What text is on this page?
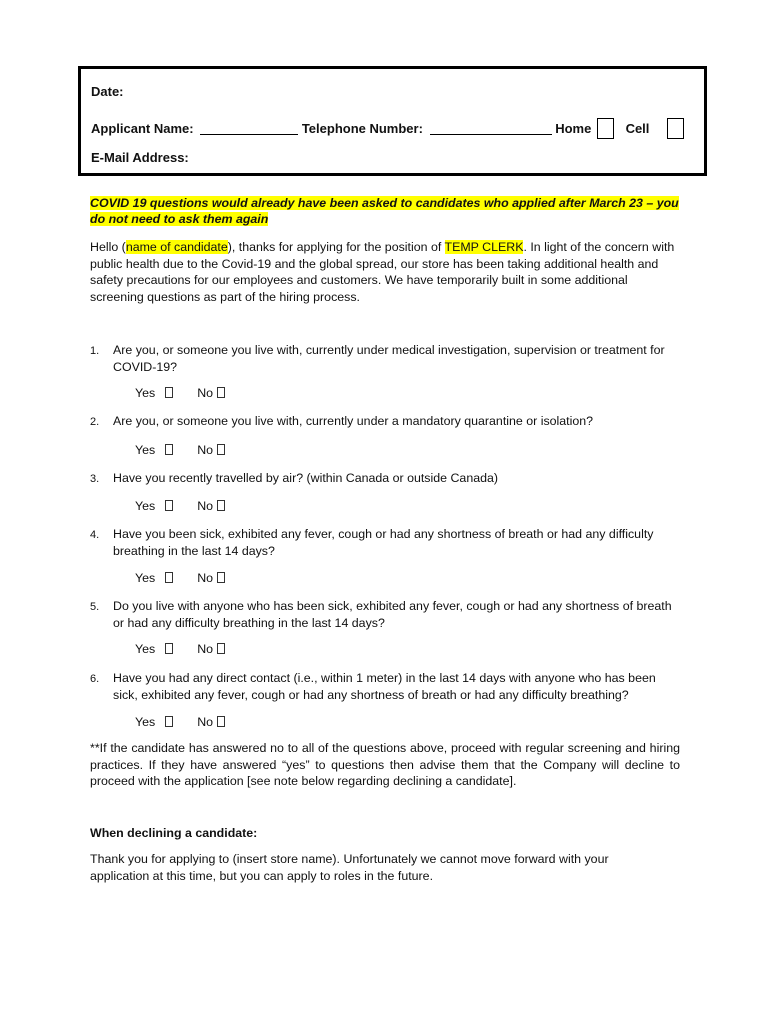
Date:
Applicant Name:	Telephone Number:	Home	Cell
E-Mail Address:
COVID 19 questions would already have been asked to candidates who applied after March 23 – you do not need to ask them again
Hello (name of candidate), thanks for applying for the position of TEMP CLERK. In light of the concern with public health due to the Covid-19 and the global spread, our store has been taking additional health and safety precautions for our employees and customers. We have temporarily built in some additional screening questions as part of the hiring process.
1. Are you, or someone you live with, currently under medical investigation, supervision or treatment for COVID-19?
Yes	No
2. Are you, or someone you live with, currently under a mandatory quarantine or isolation?
Yes	No
3. Have you recently travelled by air? (within Canada or outside Canada)
Yes	No
4. Have you been sick, exhibited any fever, cough or had any shortness of breath or had any difficulty breathing in the last 14 days?
Yes	No
5. Do you live with anyone who has been sick, exhibited any fever, cough or had any shortness of breath or had any difficulty breathing in the last 14 days?
Yes	No
6. Have you had any direct contact (i.e., within 1 meter) in the last 14 days with anyone who has been sick, exhibited any fever, cough or had any shortness of breath or had any difficulty breathing?
Yes	No
**If the candidate has answered no to all of the questions above, proceed with regular screening and hiring practices. If they have answered “yes” to questions then advise them that the Company will decline to proceed with the application [see note below regarding declining a candidate].
When declining a candidate:
Thank you for applying to (insert store name). Unfortunately we cannot move forward with your application at this time, but you can apply to roles in the future.
